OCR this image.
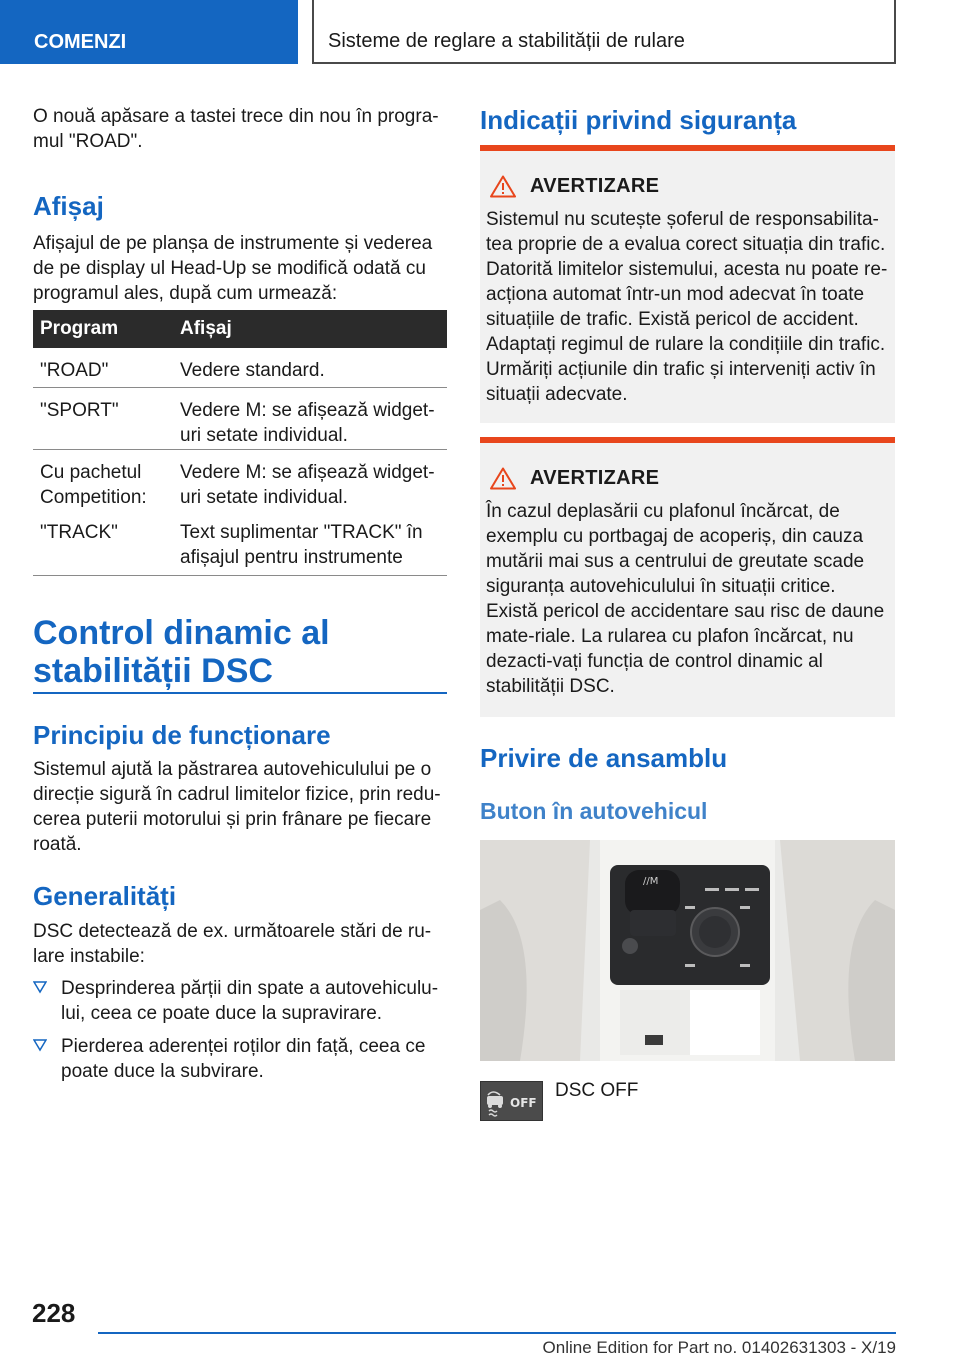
COMENZI	Sisteme de reglare a stabilității de rulare

O nouă apăsare a tastei trece din nou în progra-mul "ROAD".

Afișaj

Afișajul de pe planșa de instrumente și vederea de pe display ul Head-Up se modifică odată cu programul ales, după cum urmează:

Program	Afișaj
"ROAD"	Vedere standard.
"SPORT"	Vedere M: se afișează widget-uri setate individual.
Cu pachetul Competition:	Vedere M: se afișează widget-uri setate individual.
"TRACK"	Text suplimentar "TRACK" în afișajul pentru instrumente
Control dinamic al stabilității DSC
Principiu de funcționare

Sistemul ajută la păstrarea autovehiculului pe o direcție sigură în cadrul limitelor fizice, prin redu-cerea puterii motorului și prin frânare pe fiecare roată.

Generalități

DSC detectează de ex. următoarele stări de ru-lare instabile:

Desprinderea părții din spate a autovehiculu-lui, ceea ce poate duce la supravirare.
Pierderea aderenței roților din față, ceea ce poate duce la subvirare.
Indicații privind siguranța
AVERTIZARE

Sistemul nu scutește șoferul de responsabilita-tea proprie de a evalua corect situația din trafic. Datorită limitelor sistemului, acesta nu poate re-acționa automat într-un mod adecvat în toate situațiile de trafic. Există pericol de accident. Adaptați regimul de rulare la condițiile din trafic. Urmăriți acțiunile din trafic și interveniți activ în situații adecvate.

AVERTIZARE

În cazul deplasării cu plafonul încărcat, de exemplu cu portbagaj de acoperiș, din cauza mutării mai sus a centrului de greutate scade siguranța autovehiculului în situații critice. Există pericol de accidentare sau risc de daune mate-riale. La rularea cu plafon încărcat, nu dezacti-vați funcția de control dinamic al stabilității DSC.

Privire de ansamblu
Buton în autovehicul
//M
OFF

DSC OFF

228
Online Edition for Part no. 01402631303 - X/19
